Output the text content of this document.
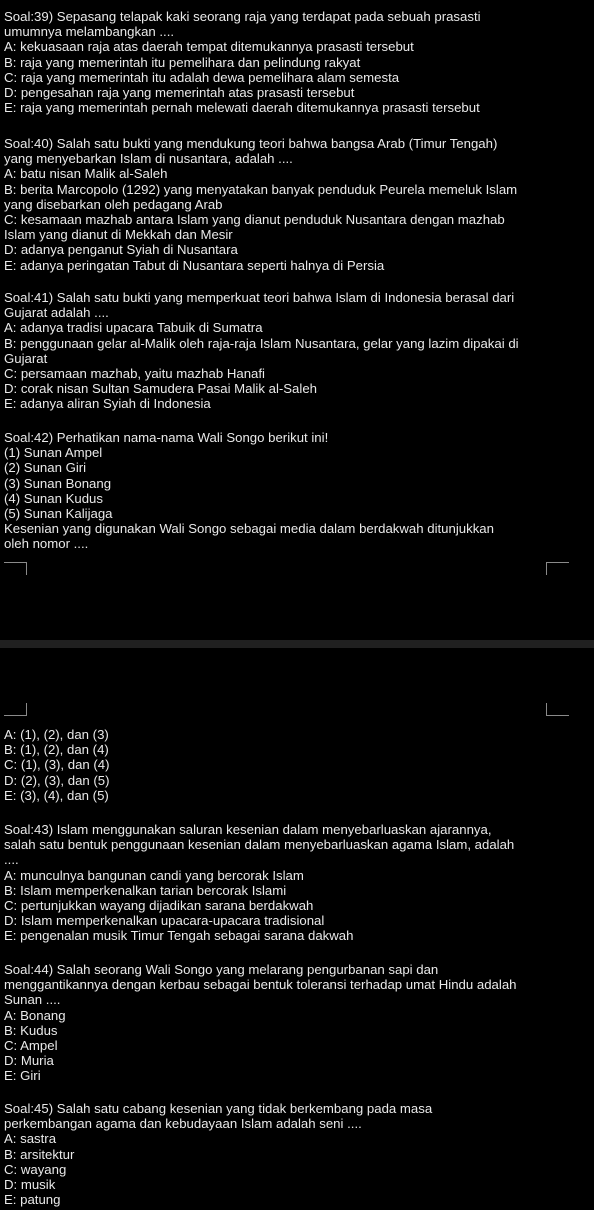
Soal:39) Sepasang telapak kaki seorang raja yang terdapat pada sebuah prasasti
umumnya melambangkan ....
A: kekuasaan raja atas daerah tempat ditemukannya prasasti tersebut
B: raja yang memerintah itu pemelihara dan pelindung rakyat
C: raja yang memerintah itu adalah dewa pemelihara alam semesta
D: pengesahan raja yang memerintah atas prasasti tersebut
E: raja yang memerintah pernah melewati daerah ditemukannya prasasti tersebut
Soal:40) Salah satu bukti yang mendukung teori bahwa bangsa Arab (Timur Tengah)
yang menyebarkan Islam di nusantara, adalah ....
A: batu nisan Malik al-Saleh
B: berita Marcopolo (1292) yang menyatakan banyak penduduk Peurela memeluk Islam
yang disebarkan oleh pedagang Arab
C: kesamaan mazhab antara Islam yang dianut penduduk Nusantara dengan mazhab
Islam yang dianut di Mekkah dan Mesir
D: adanya penganut Syiah di Nusantara
E: adanya peringatan Tabut di Nusantara seperti halnya di Persia
Soal:41) Salah satu bukti yang memperkuat teori bahwa Islam di Indonesia berasal dari
Gujarat adalah ....
A: adanya tradisi upacara Tabuik di Sumatra
B: penggunaan gelar al-Malik oleh raja-raja Islam Nusantara, gelar yang lazim dipakai di
Gujarat
C: persamaan mazhab, yaitu mazhab Hanafi
D: corak nisan Sultan Samudera Pasai Malik al-Saleh
E: adanya aliran Syiah di Indonesia
Soal:42) Perhatikan nama-nama Wali Songo berikut ini!
(1) Sunan Ampel
(2) Sunan Giri
(3) Sunan Bonang
(4) Sunan Kudus
(5) Sunan Kalijaga
Kesenian yang digunakan Wali Songo sebagai media dalam berdakwah ditunjukkan
oleh nomor ....
A: (1), (2), dan (3)
B: (1), (2), dan (4)
C: (1), (3), dan (4)
D: (2), (3), dan (5)
E: (3), (4), dan (5)
Soal:43) Islam menggunakan saluran kesenian dalam menyebarluaskan ajarannya,
salah satu bentuk penggunaan kesenian dalam menyebarluaskan agama Islam, adalah
....
A: munculnya bangunan candi yang bercorak Islam
B: Islam memperkenalkan tarian bercorak Islami
C: pertunjukkan wayang dijadikan sarana berdakwah
D: Islam memperkenalkan upacara-upacara tradisional
E: pengenalan musik Timur Tengah sebagai sarana dakwah
Soal:44) Salah seorang Wali Songo yang melarang pengurbanan sapi dan
menggantikannya dengan kerbau sebagai bentuk toleransi terhadap umat Hindu adalah
Sunan ....
A: Bonang
B: Kudus
C: Ampel
D: Muria
E: Giri
Soal:45) Salah satu cabang kesenian yang tidak berkembang pada masa
perkembangan agama dan kebudayaan Islam adalah seni ....
A: sastra
B: arsitektur
C: wayang
D: musik
E: patung
